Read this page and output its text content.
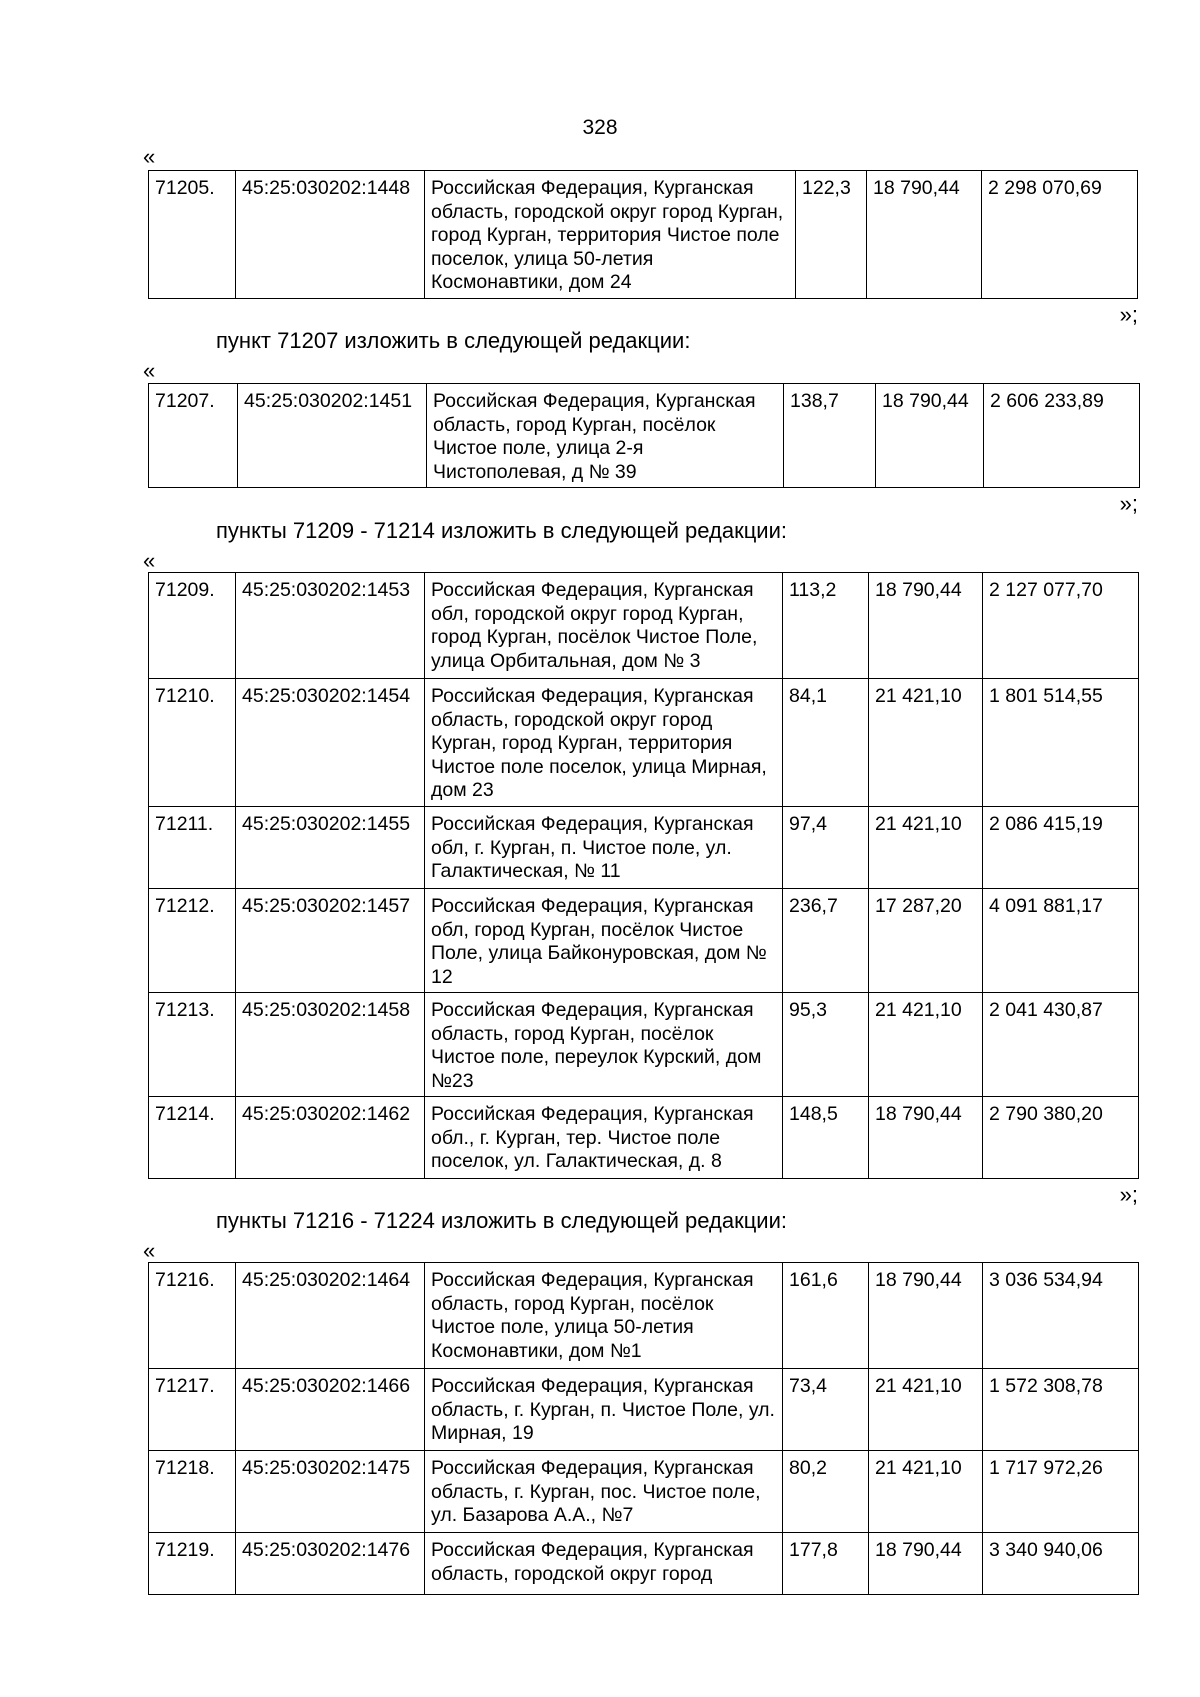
328
«
71205.	45:25:030202:1448	Российская Федерация, Курганская область, городской округ город Курган, город Курган, территория Чистое поле поселок, улица 50-летия Космонавтики, дом 24	122,3	18 790,44	2 298 070,69
»;
пункт 71207 изложить в следующей редакции:
«
71207.	45:25:030202:1451	Российская Федерация, Курганская область, город Курган, посёлок Чистое поле, улица 2-я Чистополевая, д № 39	138,7	18 790,44	2 606 233,89
»;
пункты 71209 - 71214 изложить в следующей редакции:
«
71209.	45:25:030202:1453	Российская Федерация, Курганская обл, городской округ город Курган, город Курган, посёлок Чистое Поле, улица Орбитальная, дом № 3	113,2	18 790,44	2 127 077,70
71210.	45:25:030202:1454	Российская Федерация, Курганская область, городской округ город Курган, город Курган, территория Чистое поле поселок, улица Мирная, дом 23	84,1	21 421,10	1 801 514,55
71211.	45:25:030202:1455	Российская Федерация, Курганская обл, г. Курган, п. Чистое поле, ул. Галактическая, № 11	97,4	21 421,10	2 086 415,19
71212.	45:25:030202:1457	Российская Федерация, Курганская обл, город Курган, посёлок Чистое Поле, улица Байконуровская, дом № 12	236,7	17 287,20	4 091 881,17
71213.	45:25:030202:1458	Российская Федерация, Курганская область, город Курган, посёлок Чистое поле, переулок Курский, дом №23	95,3	21 421,10	2 041 430,87
71214.	45:25:030202:1462	Российская Федерация, Курганская обл., г. Курган, тер. Чистое поле поселок, ул. Галактическая, д. 8	148,5	18 790,44	2 790 380,20
»;
пункты 71216 - 71224 изложить в следующей редакции:
«
71216.	45:25:030202:1464	Российская Федерация, Курганская область, город Курган, посёлок Чистое поле, улица 50-летия Космонавтики, дом №1	161,6	18 790,44	3 036 534,94
71217.	45:25:030202:1466	Российская Федерация, Курганская область, г. Курган, п. Чистое Поле, ул. Мирная, 19	73,4	21 421,10	1 572 308,78
71218.	45:25:030202:1475	Российская Федерация, Курганская область, г. Курган, пос. Чистое поле, ул. Базарова А.А., №7	80,2	21 421,10	1 717 972,26
71219.	45:25:030202:1476	Российская Федерация, Курганская область, городской округ город	177,8	18 790,44	3 340 940,06
